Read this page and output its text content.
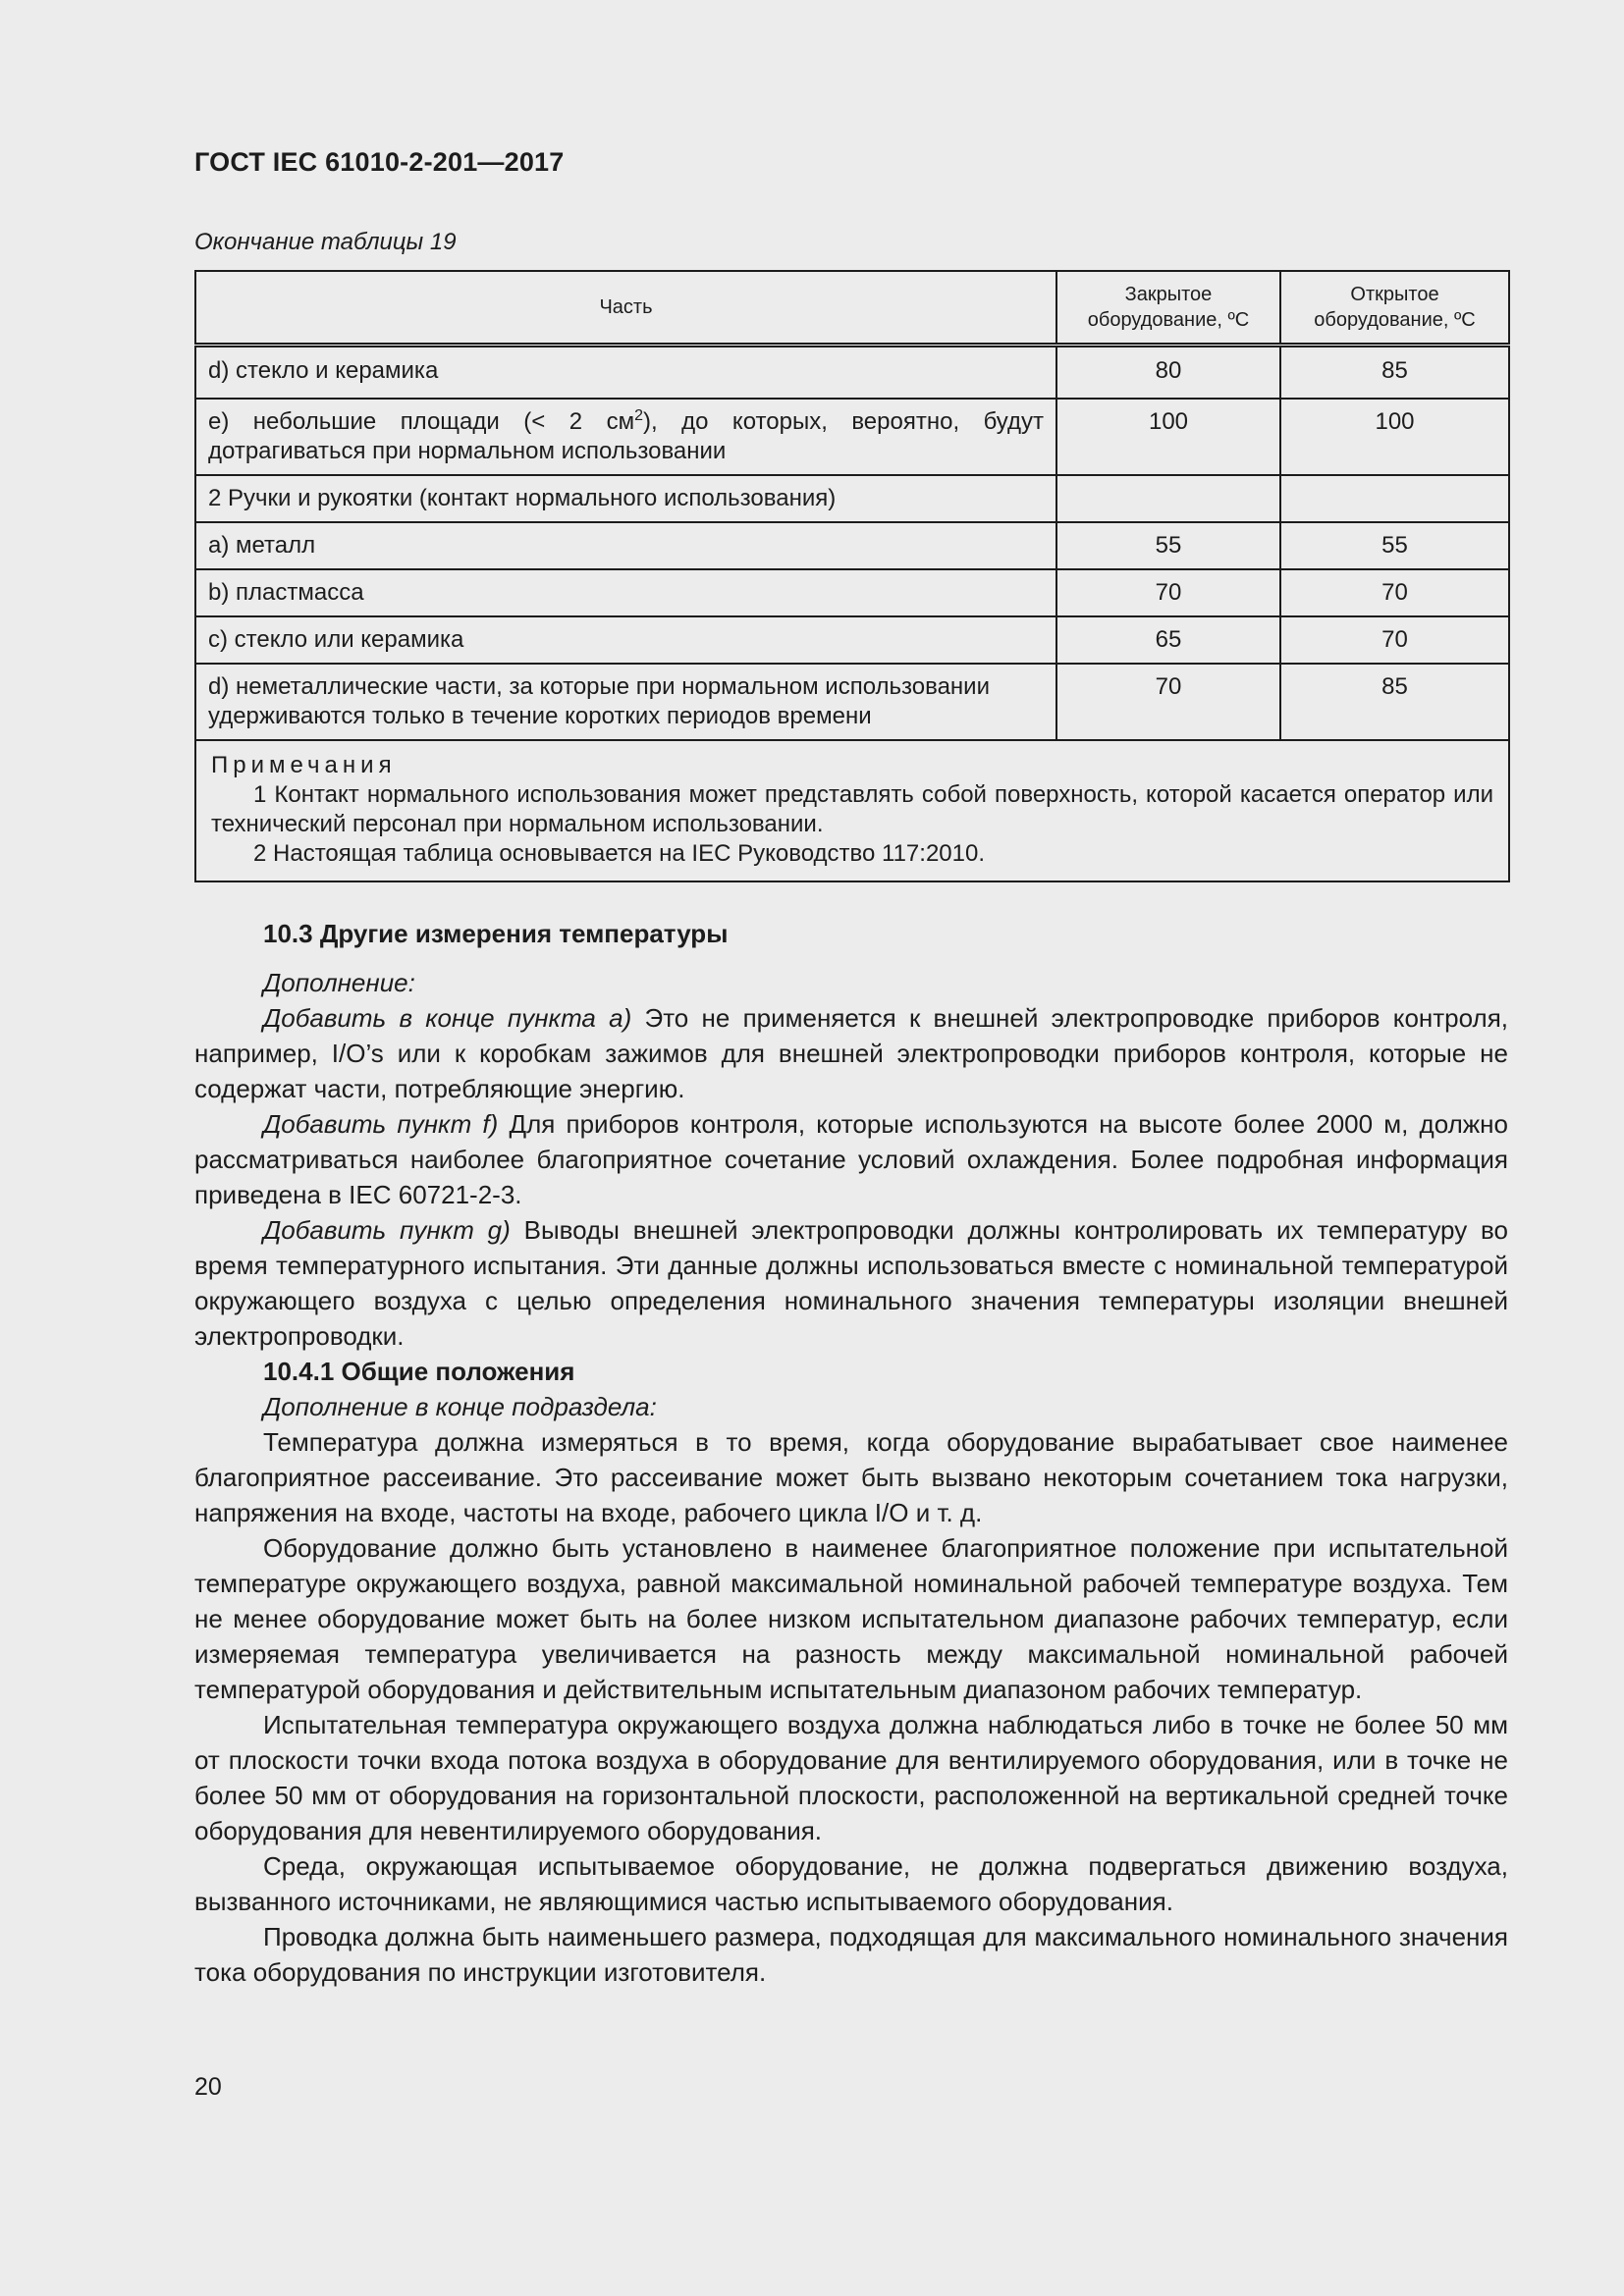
ГОСТ IEC 61010-2-201—2017
Окончание таблицы 19
Часть	Закрытое оборудование, ºС	Открытое оборудование, ºС
d) стекло и керамика	80	85
e) небольшие площади (< 2 $см^2$), до которых, вероятно, будут дотрагиваться при нормальном использовании	100	100
2 Ручки и рукоятки (контакт нормального использования)		
a) металл	55	55
b) пластмасса	70	70
c) стекло или керамика	65	70
d) неметаллические части, за которые при нормальном использовании удерживаются только в течение коротких периодов времени	70	85

Примечания
1 Контакт нормального использования может представлять собой поверхность, которой касается оператор или технический персонал при нормальном использовании.
2 Настоящая таблица основывается на IEC Руководство 117:2010.		
10.3 Другие измерения температуры

Дополнение:

Добавить в конце пункта a) Это не применяется к внешней электропроводке приборов контроля, например, I/O’s или к коробкам зажимов для внешней электропроводки приборов контроля, которые не содержат части, потребляющие энергию.

Добавить пункт f) Для приборов контроля, которые используются на высоте более 2000 м, должно рассматриваться наиболее благоприятное сочетание условий охлаждения. Более подробная информация приведена в IEC 60721-2-3.

Добавить пункт g) Выводы внешней электропроводки должны контролировать их температуру во время температурного испытания. Эти данные должны использоваться вместе с номинальной температурой окружающего воздуха с целью определения номинального значения температуры изоляции внешней электропроводки.

10.4.1 Общие положения

Дополнение в конце подраздела:

Температура должна измеряться в то время, когда оборудование вырабатывает свое наименее благоприятное рассеивание. Это рассеивание может быть вызвано некоторым сочетанием тока нагрузки, напряжения на входе, частоты на входе, рабочего цикла I/O и т. д.

Оборудование должно быть установлено в наименее благоприятное положение при испытательной температуре окружающего воздуха, равной максимальной номинальной рабочей температуре воздуха. Тем не менее оборудование может быть на более низком испытательном диапазоне рабочих температур, если измеряемая температура увеличивается на разность между максимальной номинальной рабочей температурой оборудования и действительным испытательным диапазоном рабочих температур.

Испытательная температура окружающего воздуха должна наблюдаться либо в точке не более 50 мм от плоскости точки входа потока воздуха в оборудование для вентилируемого оборудования, или в точке не более 50 мм от оборудования на горизонтальной плоскости, расположенной на вертикальной средней точке оборудования для невентилируемого оборудования.

Среда, окружающая испытываемое оборудование, не должна подвергаться движению воздуха, вызванного источниками, не являющимися частью испытываемого оборудования.

Проводка должна быть наименьшего размера, подходящая для максимального номинального значения тока оборудования по инструкции изготовителя.

20
